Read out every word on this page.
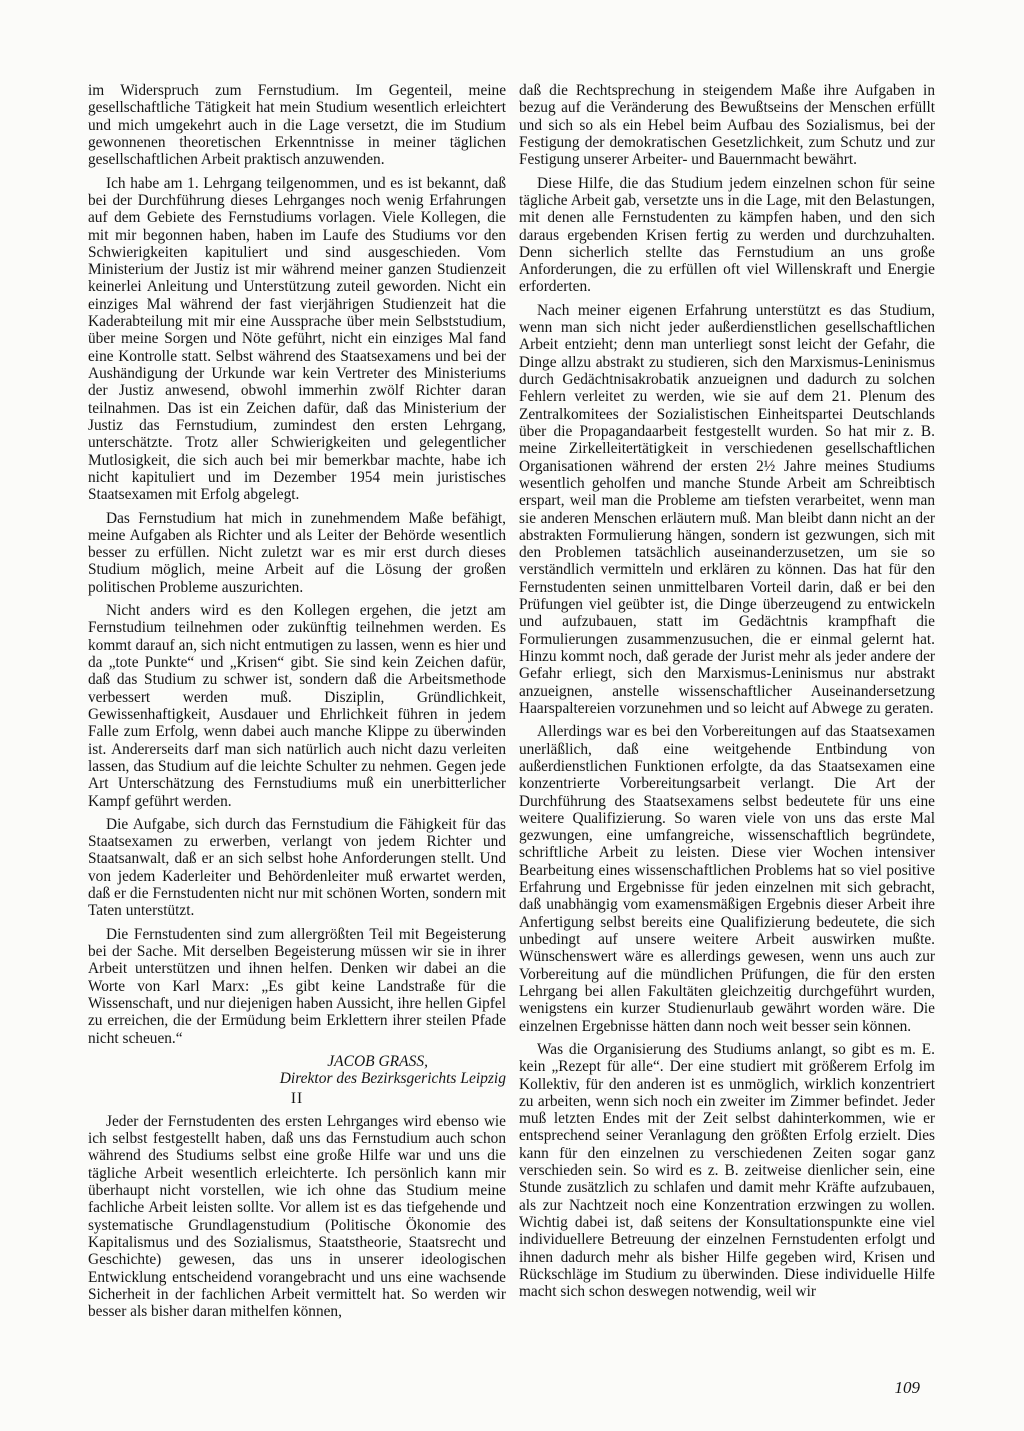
im Widerspruch zum Fernstudium. Im Gegenteil, meine gesellschaftliche Tätigkeit hat mein Studium wesentlich erleichtert und mich umgekehrt auch in die Lage versetzt, die im Studium gewonnenen theoretischen Erkenntnisse in meiner täglichen gesellschaftlichen Arbeit praktisch anzuwenden.

Ich habe am 1. Lehrgang teilgenommen, und es ist bekannt, daß bei der Durchführung dieses Lehrganges noch wenig Erfahrungen auf dem Gebiete des Fernstudiums vorlagen. Viele Kollegen, die mit mir begonnen haben, haben im Laufe des Studiums vor den Schwierigkeiten kapituliert und sind ausgeschieden. Vom Ministerium der Justiz ist mir während meiner ganzen Studienzeit keinerlei Anleitung und Unterstützung zuteil geworden. Nicht ein einziges Mal während der fast vierjährigen Studienzeit hat die Kaderabteilung mit mir eine Aussprache über mein Selbststudium, über meine Sorgen und Nöte geführt, nicht ein einziges Mal fand eine Kontrolle statt. Selbst während des Staatsexamens und bei der Aushändigung der Urkunde war kein Vertreter des Ministeriums der Justiz anwesend, obwohl immerhin zwölf Richter daran teilnahmen. Das ist ein Zeichen dafür, daß das Ministerium der Justiz das Fernstudium, zumindest den ersten Lehrgang, unterschätzte. Trotz aller Schwierigkeiten und gelegentlicher Mutlosigkeit, die sich auch bei mir bemerkbar machte, habe ich nicht kapituliert und im Dezember 1954 mein juristisches Staatsexamen mit Erfolg abgelegt.

Das Fernstudium hat mich in zunehmendem Maße befähigt, meine Aufgaben als Richter und als Leiter der Behörde wesentlich besser zu erfüllen. Nicht zuletzt war es mir erst durch dieses Studium möglich, meine Arbeit auf die Lösung der großen politischen Probleme auszurichten.

Nicht anders wird es den Kollegen ergehen, die jetzt am Fernstudium teilnehmen oder zukünftig teilnehmen werden. Es kommt darauf an, sich nicht entmutigen zu lassen, wenn es hier und da „tote Punkte“ und „Krisen“ gibt. Sie sind kein Zeichen dafür, daß das Studium zu schwer ist, sondern daß die Arbeitsmethode verbessert werden muß. Disziplin, Gründlichkeit, Gewissenhaftigkeit, Ausdauer und Ehrlichkeit führen in jedem Falle zum Erfolg, wenn dabei auch manche Klippe zu überwinden ist. Andererseits darf man sich natürlich auch nicht dazu verleiten lassen, das Studium auf die leichte Schulter zu nehmen. Gegen jede Art Unterschätzung des Fernstudiums muß ein unerbitterlicher Kampf geführt werden.

Die Aufgabe, sich durch das Fernstudium die Fähigkeit für das Staatsexamen zu erwerben, verlangt von jedem Richter und Staatsanwalt, daß er an sich selbst hohe Anforderungen stellt. Und von jedem Kaderleiter und Behördenleiter muß erwartet werden, daß er die Fernstudenten nicht nur mit schönen Worten, sondern mit Taten unterstützt.

Die Fernstudenten sind zum allergrößten Teil mit Begeisterung bei der Sache. Mit derselben Begeisterung müssen wir sie in ihrer Arbeit unterstützen und ihnen helfen. Denken wir dabei an die Worte von Karl Marx: „Es gibt keine Landstraße für die Wissenschaft, und nur diejenigen haben Aussicht, ihre hellen Gipfel zu erreichen, die der Ermüdung beim Erklettern ihrer steilen Pfade nicht scheuen.“

JACOB GRASS,
Direktor des Bezirksgerichts Leipzig
II

Jeder der Fernstudenten des ersten Lehrganges wird ebenso wie ich selbst festgestellt haben, daß uns das Fernstudium auch schon während des Studiums selbst eine große Hilfe war und uns die tägliche Arbeit wesentlich erleichterte. Ich persönlich kann mir überhaupt nicht vorstellen, wie ich ohne das Studium meine fachliche Arbeit leisten sollte. Vor allem ist es das tiefgehende und systematische Grundlagenstudium (Politische Ökonomie des Kapitalismus und des Sozialismus, Staatstheorie, Staatsrecht und Geschichte) gewesen, das uns in unserer ideologischen Entwicklung entscheidend vorangebracht und uns eine wachsende Sicherheit in der fachlichen Arbeit vermittelt hat. So werden wir besser als bisher daran mithelfen können,

daß die Rechtsprechung in steigendem Maße ihre Aufgaben in bezug auf die Veränderung des Bewußtseins der Menschen erfüllt und sich so als ein Hebel beim Aufbau des Sozialismus, bei der Festigung der demokratischen Gesetzlichkeit, zum Schutz und zur Festigung unserer Arbeiter- und Bauernmacht bewährt.

Diese Hilfe, die das Studium jedem einzelnen schon für seine tägliche Arbeit gab, versetzte uns in die Lage, mit den Belastungen, mit denen alle Fernstudenten zu kämpfen haben, und den sich daraus ergebenden Krisen fertig zu werden und durchzuhalten. Denn sicherlich stellte das Fernstudium an uns große Anforderungen, die zu erfüllen oft viel Willenskraft und Energie erforderten.

Nach meiner eigenen Erfahrung unterstützt es das Studium, wenn man sich nicht jeder außerdienstlichen gesellschaftlichen Arbeit entzieht; denn man unterliegt sonst leicht der Gefahr, die Dinge allzu abstrakt zu studieren, sich den Marxismus-Leninismus durch Gedächtnisakrobatik anzueignen und dadurch zu solchen Fehlern verleitet zu werden, wie sie auf dem 21. Plenum des Zentralkomitees der Sozialistischen Einheitspartei Deutschlands über die Propagandaarbeit festgestellt wurden. So hat mir z. B. meine Zirkelleitertätigkeit in verschiedenen gesellschaftlichen Organisationen während der ersten 2½ Jahre meines Studiums wesentlich geholfen und manche Stunde Arbeit am Schreibtisch erspart, weil man die Probleme am tiefsten verarbeitet, wenn man sie anderen Menschen erläutern muß. Man bleibt dann nicht an der abstrakten Formulierung hängen, sondern ist gezwungen, sich mit den Problemen tatsächlich auseinanderzusetzen, um sie so verständlich vermitteln und erklären zu können. Das hat für den Fernstudenten seinen unmittelbaren Vorteil darin, daß er bei den Prüfungen viel geübter ist, die Dinge überzeugend zu entwickeln und aufzubauen, statt im Gedächtnis krampfhaft die Formulierungen zusammenzusuchen, die er einmal gelernt hat. Hinzu kommt noch, daß gerade der Jurist mehr als jeder andere der Gefahr erliegt, sich den Marxismus-Leninismus nur abstrakt anzueignen, anstelle wissenschaftlicher Auseinandersetzung Haarspaltereien vorzunehmen und so leicht auf Abwege zu geraten.

Allerdings war es bei den Vorbereitungen auf das Staatsexamen unerläßlich, daß eine weitgehende Entbindung von außerdienstlichen Funktionen erfolgte, da das Staatsexamen eine konzentrierte Vorbereitungsarbeit verlangt. Die Art der Durchführung des Staatsexamens selbst bedeutete für uns eine weitere Qualifizierung. So waren viele von uns das erste Mal gezwungen, eine umfangreiche, wissenschaftlich begründete, schriftliche Arbeit zu leisten. Diese vier Wochen intensiver Bearbeitung eines wissenschaftlichen Problems hat so viel positive Erfahrung und Ergebnisse für jeden einzelnen mit sich gebracht, daß unabhängig vom examensmäßigen Ergebnis dieser Arbeit ihre Anfertigung selbst bereits eine Qualifizierung bedeutete, die sich unbedingt auf unsere weitere Arbeit auswirken mußte. Wünschenswert wäre es allerdings gewesen, wenn uns auch zur Vorbereitung auf die mündlichen Prüfungen, die für den ersten Lehrgang bei allen Fakultäten gleichzeitig durchgeführt wurden, wenigstens ein kurzer Studienurlaub gewährt worden wäre. Die einzelnen Ergebnisse hätten dann noch weit besser sein können.

Was die Organisierung des Studiums anlangt, so gibt es m. E. kein „Rezept für alle“. Der eine studiert mit größerem Erfolg im Kollektiv, für den anderen ist es unmöglich, wirklich konzentriert zu arbeiten, wenn sich noch ein zweiter im Zimmer befindet. Jeder muß letzten Endes mit der Zeit selbst dahinterkommen, wie er entsprechend seiner Veranlagung den größten Erfolg erzielt. Dies kann für den einzelnen zu verschiedenen Zeiten sogar ganz verschieden sein. So wird es z. B. zeitweise dienlicher sein, eine Stunde zusätzlich zu schlafen und damit mehr Kräfte aufzubauen, als zur Nachtzeit noch eine Konzentration erzwingen zu wollen. Wichtig dabei ist, daß seitens der Konsultationspunkte eine viel individuellere Betreuung der einzelnen Fernstudenten erfolgt und ihnen dadurch mehr als bisher Hilfe gegeben wird, Krisen und Rückschläge im Studium zu überwinden. Diese individuelle Hilfe macht sich schon deswegen notwendig, weil wir

109
